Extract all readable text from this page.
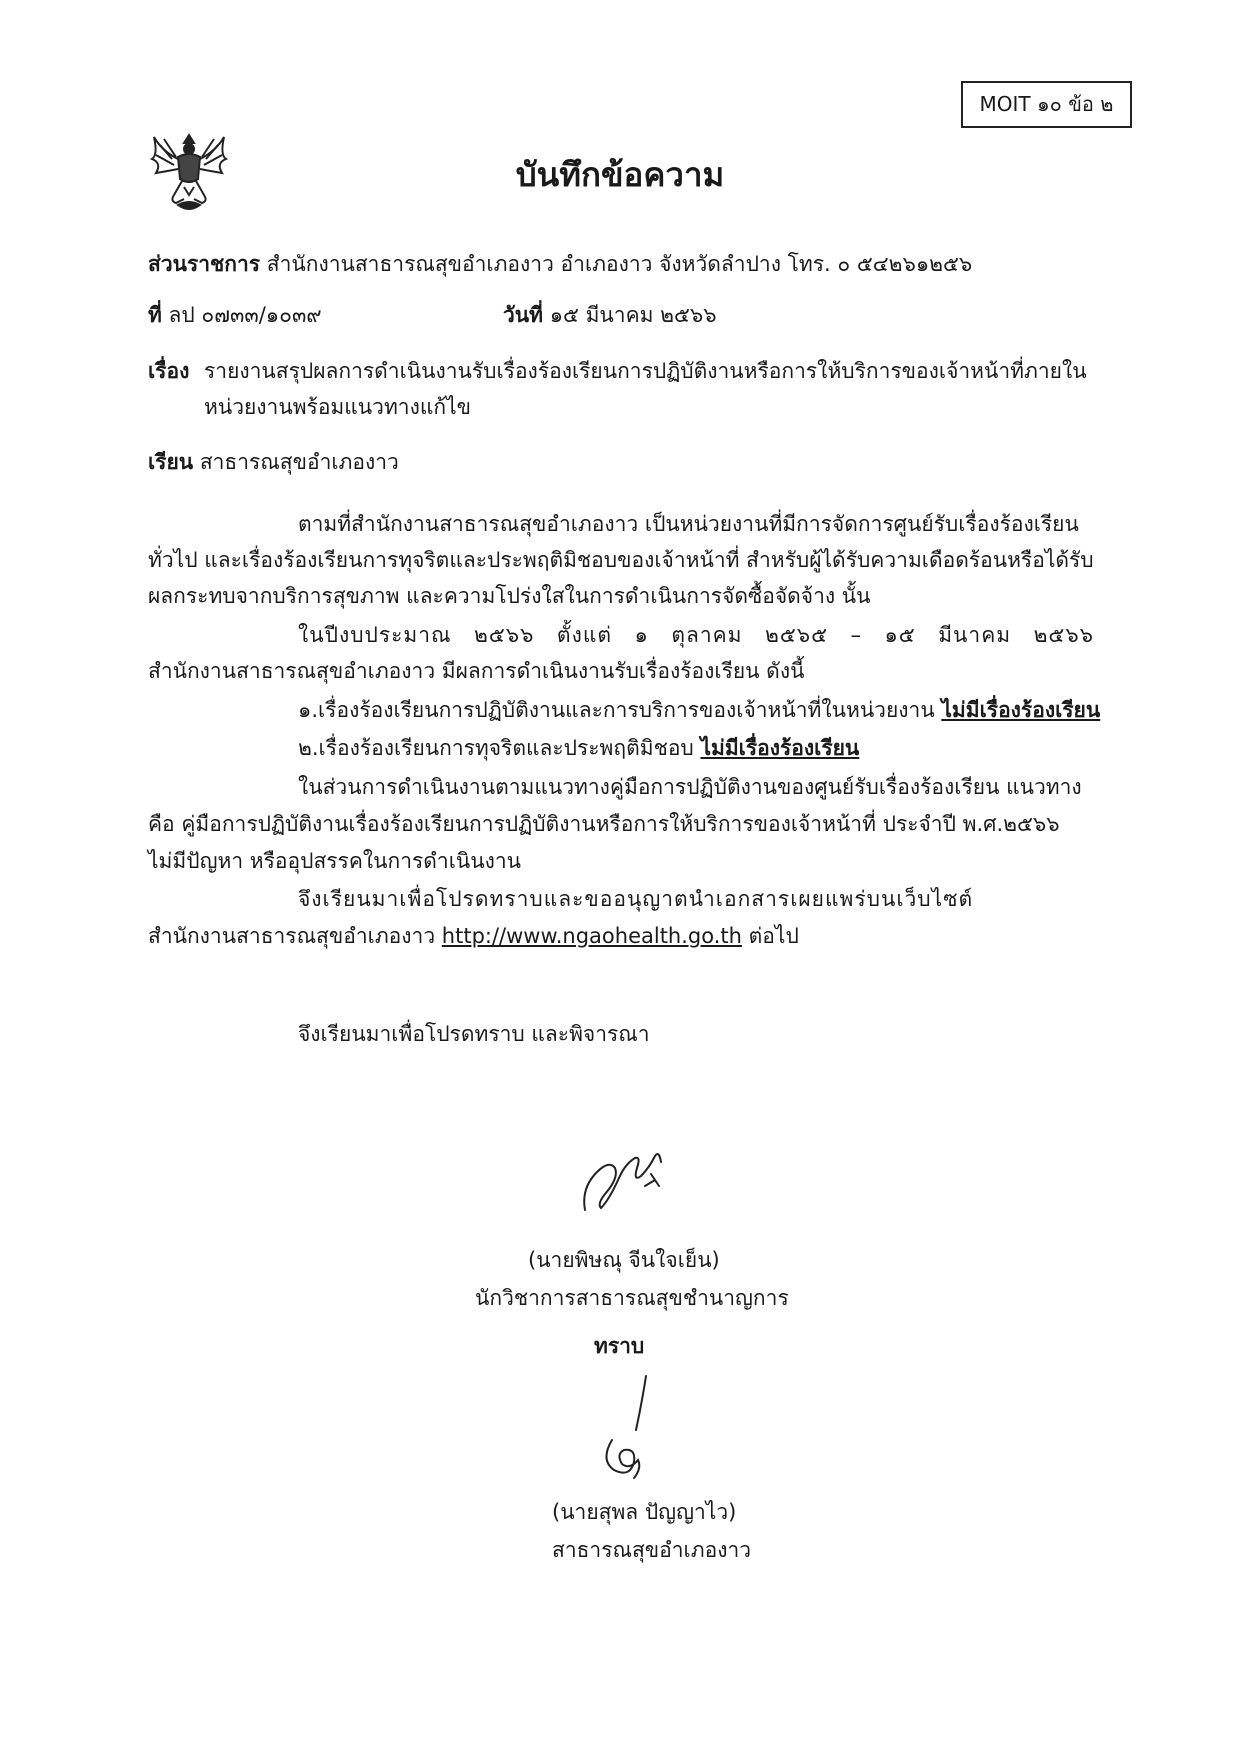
MOIT ๑๐ ข้อ ๒
บันทึกข้อความ
ส่วนราชการ สำนักงานสาธารณสุขอำเภองาว อำเภองาว จังหวัดลำปาง โทร. ๐ ๕๔๒๖๑๒๕๖
ที่ ลป ๐๗๓๓/๑๐๓๙	วันที่ ๑๕ มีนาคม ๒๕๖๖
เรื่อง รายงานสรุปผลการดำเนินงานรับเรื่องร้องเรียนการปฏิบัติงานหรือการให้บริการของเจ้าหน้าที่ภายใน
หน่วยงานพร้อมแนวทางแก้ไข
เรียน สาธารณสุขอำเภองาว
ตามที่สำนักงานสาธารณสุขอำเภองาว เป็นหน่วยงานที่มีการจัดการศูนย์รับเรื่องร้องเรียน
ทั่วไป และเรื่องร้องเรียนการทุจริตและประพฤติมิชอบของเจ้าหน้าที่ สำหรับผู้ได้รับความเดือดร้อนหรือได้รับ
ผลกระทบจากบริการสุขภาพ และความโปร่งใสในการดำเนินการจัดซื้อจัดจ้าง นั้น
ในปีงบประมาณ ๒๕๖๖ ตั้งแต่ ๑ ตุลาคม ๒๕๖๕ – ๑๕ มีนาคม ๒๕๖๖
สำนักงานสาธารณสุขอำเภองาว มีผลการดำเนินงานรับเรื่องร้องเรียน ดังนี้
๑.เรื่องร้องเรียนการปฏิบัติงานและการบริการของเจ้าหน้าที่ในหน่วยงาน ไม่มีเรื่องร้องเรียน
๒.เรื่องร้องเรียนการทุจริตและประพฤติมิชอบ ไม่มีเรื่องร้องเรียน
ในส่วนการดำเนินงานตามแนวทางคู่มือการปฏิบัติงานของศูนย์รับเรื่องร้องเรียน แนวทาง
คือ คู่มือการปฏิบัติงานเรื่องร้องเรียนการปฏิบัติงานหรือการให้บริการของเจ้าหน้าที่ ประจำปี พ.ศ.๒๕๖๖
ไม่มีปัญหา หรืออุปสรรคในการดำเนินงาน
จึงเรียนมาเพื่อโปรดทราบและขออนุญาตนำเอกสารเผยแพร่บนเว็บไซต์
สำนักงานสาธารณสุขอำเภองาว http://www.ngaohealth.go.th ต่อไป
จึงเรียนมาเพื่อโปรดทราบ และพิจารณา
(นายพิษณุ จีนใจเย็น)
นักวิชาการสาธารณสุขชำนาญการ
ทราบ
(นายสุพล ปัญญาไว)
สาธารณสุขอำเภองาว
